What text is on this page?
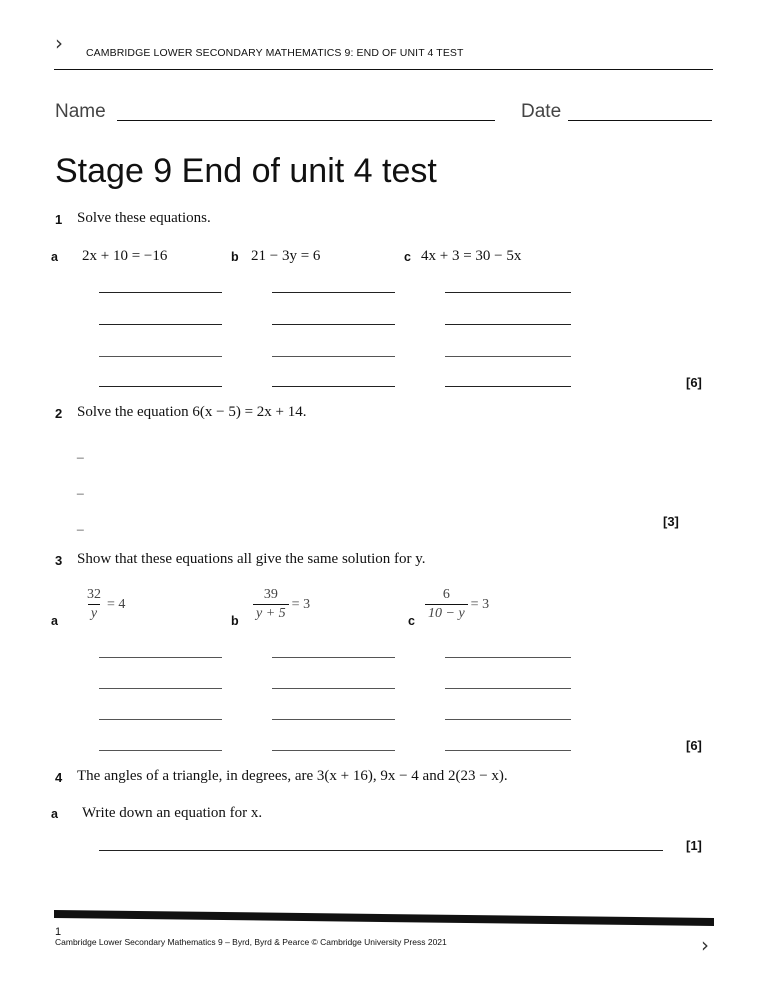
› CAMBRIDGE LOWER SECONDARY MATHEMATICS 9: END OF UNIT 4 TEST
Name	Date
Stage 9 End of unit 4 test
1 Solve these equations.
a 2x + 10 = −16	b 21 − 3y = 6	c 4x + 3 = 30 − 5x
[6]
2 Solve the equation 6(x − 5) = 2x + 14.
_
_
_	[3]
3 Show that these equations all give the same solution for y.
a $\frac{32}{y} = 4$
b $\frac{39}{y + 5} = 3$
c $\frac{6}{10 - y} = 3$
[6]
4 The angles of a triangle, in degrees, are 3(x + 16), 9x − 4 and 2(23 − x).
a Write down an equation for x.
[1]
1
Cambridge Lower Secondary Mathematics 9 – Byrd, Byrd & Pearce © Cambridge University Press 2021	›
